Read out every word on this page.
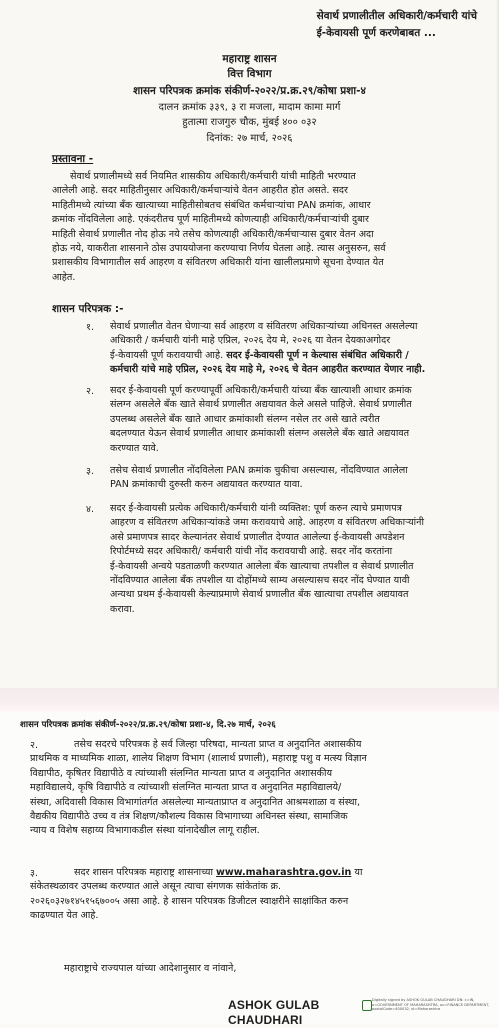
सेवार्थ प्रणालीतील अधिकारी/कर्मचारी यांचे
ई-केवायसी पूर्ण करणेबाबत ...
महाराष्ट्र शासन
वित्त विभाग
शासन परिपत्रक क्रमांक संकीर्ण-२०२२/प्र.क्र.२९/कोषा प्रशा-४
दालन क्रमांक ३३९, ३ रा मजला, मादाम कामा मार्ग
हुतात्मा राजगुरु चौक, मुंबई ४०० ०३२
दिनांक: २७ मार्च, २०२६
प्रस्तावना -
सेवार्थ प्रणालीमध्ये सर्व नियमित शासकीय अधिकारी/कर्मचारी यांची माहिती भरण्यात
आलेली आहे. सदर माहितीनुसार अधिकारी/कर्मचाऱ्यांचे वेतन आहरीत होत असते. सदर
माहितीमध्ये त्यांच्या बँक खात्याच्या माहितीसोबतच संबंधित कर्मचाऱ्यांचा PAN क्रमांक, आधार
क्रमांक नोंदविलेला आहे. एकंदरीतच पूर्ण माहितीमध्ये कोणत्याही अधिकारी/कर्मचाऱ्यांची दुबार
माहिती सेवार्थ प्रणालीत नोद होऊ नये तसेच कोणत्याही अधिकारी/कर्मचाऱ्यास दुबार वेतन अदा
होऊ नये, याकरीता शासनाने ठोस उपाययोजना करण्याचा निर्णय घेतला आहे. त्यास अनुसरुन, सर्व
प्रशासकीय विभागातील सर्व आहरण व संवितरण अधिकारी यांना खालीलप्रमाणे सूचना देण्यात येत
आहेत.
शासन परिपत्रक :-
१. सेवार्थ प्रणालीत वेतन घेणाऱ्या सर्व आहरण व संवितरण अधिकाऱ्यांच्या अधिनस्त असलेल्या
अधिकारी / कर्मचारी यांनी माहे एप्रिल, २०२६ देय मे, २०२६ या वेतन देयकाअगोदर
ई-केवायसी पूर्ण करावयाची आहे. सदर ई-केवायसी पूर्ण न केल्यास संबंधित अधिकारी /
कर्मचारी यांचे माहे एप्रिल, २०२६ देय माहे मे, २०२६ चे वेतन आहरीत करण्यात येणार नाही.
२. सदर ई-केवायसी पूर्ण करण्यापूर्वी अधिकारी/कर्मचारी यांच्या बँक खात्याशी आधार क्रमांक
संलग्न असलेले बँक खाते सेवार्थ प्रणालीत अद्ययावत केले असले पाहिजे. सेवार्थ प्रणालीत
उपलब्ध असलेले बँक खाते आधार क्रमांकाशी संलग्न नसेल तर असे खाते त्वरीत
बदलण्यात येऊन सेवार्थ प्रणालीत आधार क्रमांकाशी संलग्न असलेले बँक खाते अद्ययावत
करण्यात यावे.
३. तसेच सेवार्थ प्रणालीत नोंदविलेला PAN क्रमांक चुकीचा असल्यास, नोंदविण्यात आलेला
PAN क्रमांकाची दुरुस्ती करुन अद्ययावत करण्यात यावा.
४. सदर ई-केवायसी प्रत्येक अधिकारी/कर्मचारी यांनी व्यक्तिश: पूर्ण करुन त्याचे प्रमाणपत्र
आहरण व संवितरण अधिकाऱ्यांकडे जमा करावयाचे आहे. आहरण व संवितरण अधिकाऱ्यांनी
असे प्रमाणपत्र सादर केल्यानंतर सेवार्थ प्रणालीत देण्यात आलेल्या ई-केवायसी अपडेशन
रिपोर्टमध्ये सदर अधिकारी/ कर्मचारी यांची नोंद करावयाची आहे. सदर नोंद करतांना
ई-केवायसी अन्वये पडताळणी करण्यात आलेला बँक खात्याचा तपशील व सेवार्थ प्रणालीत
नोंदविण्यात आलेला बँक तपशील या दोहोंमध्ये साम्य असल्यासच सदर नोंद घेण्यात यावी
अन्यथा प्रथम ई-केवायसी केल्याप्रमाणे सेवार्थ प्रणालीत बँक खात्याचा तपशील अद्ययावत
करावा.
शासन परिपत्रक क्रमांक संकीर्ण-२०२२/प्र.क्र.२९/कोषा प्रशा-४, दि.२७ मार्च, २०२६
२.	तसेच सदरचे परिपत्रक हे सर्व जिल्हा परिषदा, मान्यता प्राप्त व अनुदानित अशासकीय
प्राथमिक व माध्यमिक शाळा, शालेय शिक्षण विभाग (शालार्थ प्रणाली), महाराष्ट्र पशु व मत्स्य विज्ञान
विद्यापीठ, कृषितर विद्यापीठे व त्यांच्याशी संलग्नित मान्यता प्राप्त व अनुदानित अशासकीय
महाविद्यालये, कृषि विद्यापीठे व त्यांच्याशी संलग्नित मान्यता प्राप्त व अनुदानित महाविद्यालये/
संस्था, अदिवासी विकास विभागांतर्गत असलेल्या मान्यताप्राप्त व अनुदानित आश्रमशाळा व संस्था,
वैद्यकीय विद्यापीठे उच्च व तंत्र शिक्षण/कौशल्य विकास विभागाच्या अधिनस्त संस्था, सामाजिक
न्याय व विशेष सहाय्य विभागाकडील संस्था यांनादेखील लागू राहील.
३.	सदर शासन परिपत्रक महाराष्ट्र शासनाच्या www.maharashtra.gov.in या
संकेतस्थळावर उपलब्ध करण्यात आले असून त्याचा संगणक सांकेतांक क्र.
२०२६०३२७१४५१५६७००५ असा आहे. हे शासन परिपत्रक डिजीटल स्वाक्षरीने साक्षांकित करुन
काढण्यात येत आहे.
महाराष्ट्राचे राज्यपाल यांच्या आदेशानुसार व नांवाने,
ASHOK GULAB
CHAUDHARI
Digitally signed by ASHOK GULAB CHAUDHARI DN: c=IN, o=GOVERNMENT OF MAHARASHTRA, ou=FINANCE DEPARTMENT, postalCode=400032, st=Maharashtra
